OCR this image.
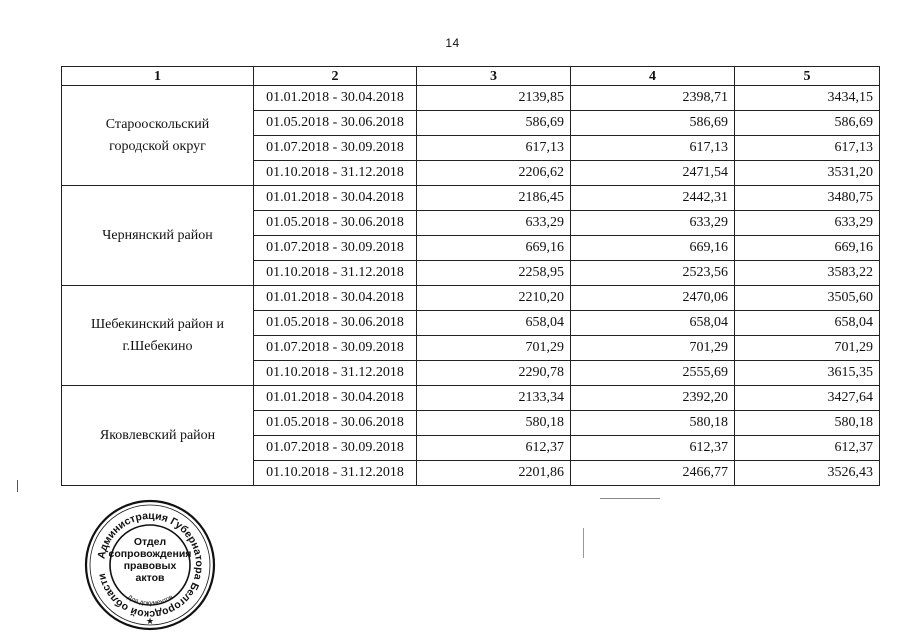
14
1	2	3	4	5

Старооскольский
городской округ	01.01.2018 - 30.04.2018	2139,85	2398,71	3434,15
	01.05.2018 - 30.06.2018	586,69	586,69	586,69
	01.07.2018 - 30.09.2018	617,13	617,13	617,13
	01.10.2018 - 31.12.2018	2206,62	2471,54	3531,20

Чернянский район	01.01.2018 - 30.04.2018	2186,45	2442,31	3480,75
	01.05.2018 - 30.06.2018	633,29	633,29	633,29
	01.07.2018 - 30.09.2018	669,16	669,16	669,16
	01.10.2018 - 31.12.2018	2258,95	2523,56	3583,22

Шебекинский район и
г.Шебекино	01.01.2018 - 30.04.2018	2210,20	2470,06	3505,60
	01.05.2018 - 30.06.2018	658,04	658,04	658,04
	01.07.2018 - 30.09.2018	701,29	701,29	701,29
	01.10.2018 - 31.12.2018	2290,78	2555,69	3615,35

Яковлевский район	01.01.2018 - 30.04.2018	2133,34	2392,20	3427,64
	01.05.2018 - 30.06.2018	580,18	580,18	580,18
	01.07.2018 - 30.09.2018	612,37	612,37	612,37
	01.10.2018 - 31.12.2018	2201,86	2466,77	3526,43
Администрация Губернатора Белгородской области
Для документов
Отдел
сопровождения
правовых
актов
★
